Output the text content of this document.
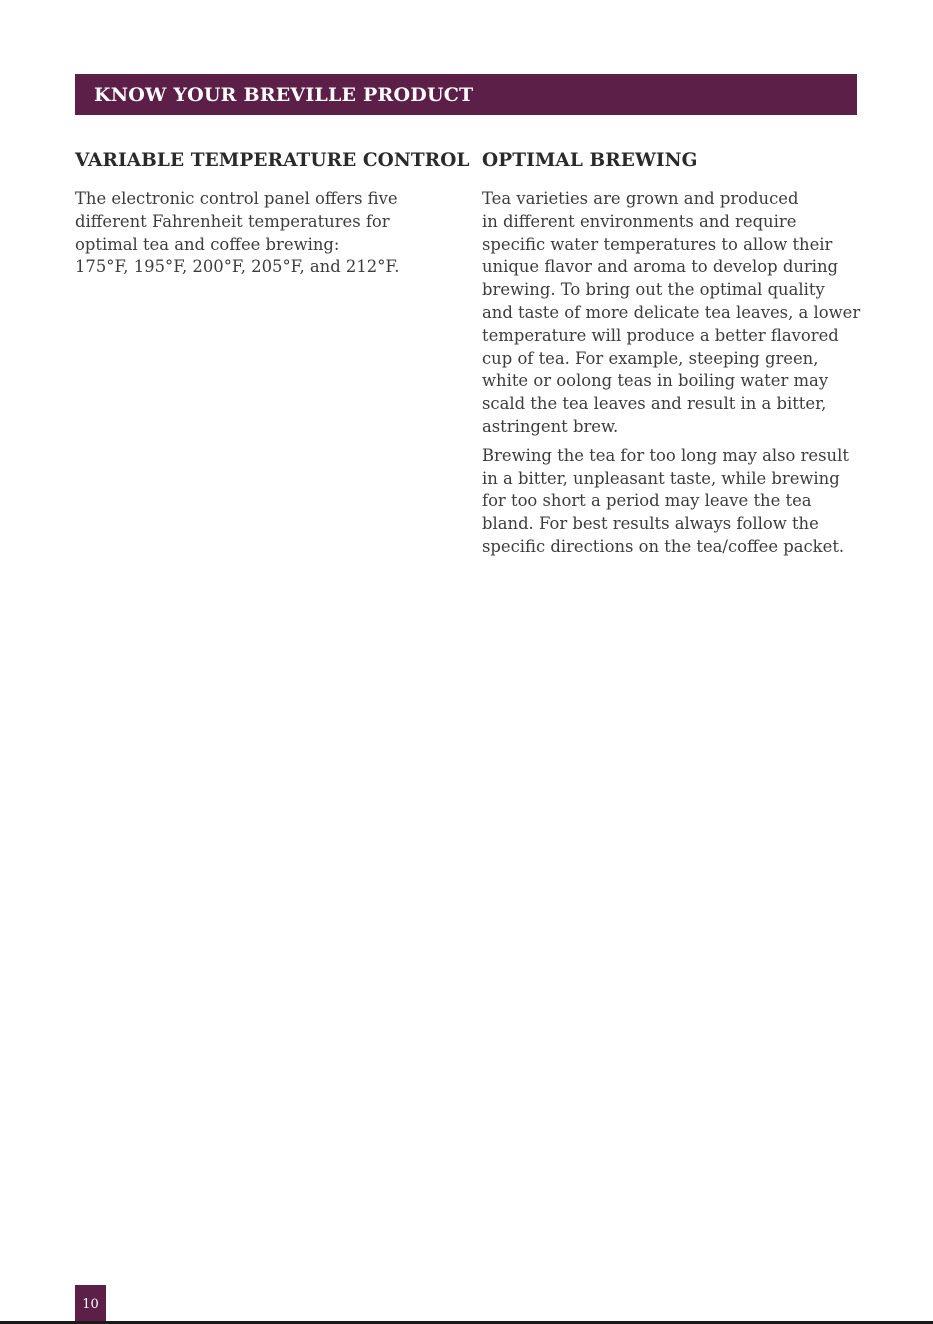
KNOW YOUR BREVILLE PRODUCT
VARIABLE TEMPERATURE CONTROL

The electronic control panel offers five
different Fahrenheit temperatures for
optimal tea and coffee brewing:
175°F, 195°F, 200°F, 205°F, and 212°F.

OPTIMAL BREWING

Tea varieties are grown and produced
in different environments and require
specific water temperatures to allow their
unique flavor and aroma to develop during
brewing. To bring out the optimal quality
and taste of more delicate tea leaves, a lower
temperature will produce a better flavored
cup of tea. For example, steeping green,
white or oolong teas in boiling water may
scald the tea leaves and result in a bitter,
astringent brew.

Brewing the tea for too long may also result
in a bitter, unpleasant taste, while brewing
for too short a period may leave the tea
bland. For best results always follow the
specific directions on the tea/coffee packet.

10
